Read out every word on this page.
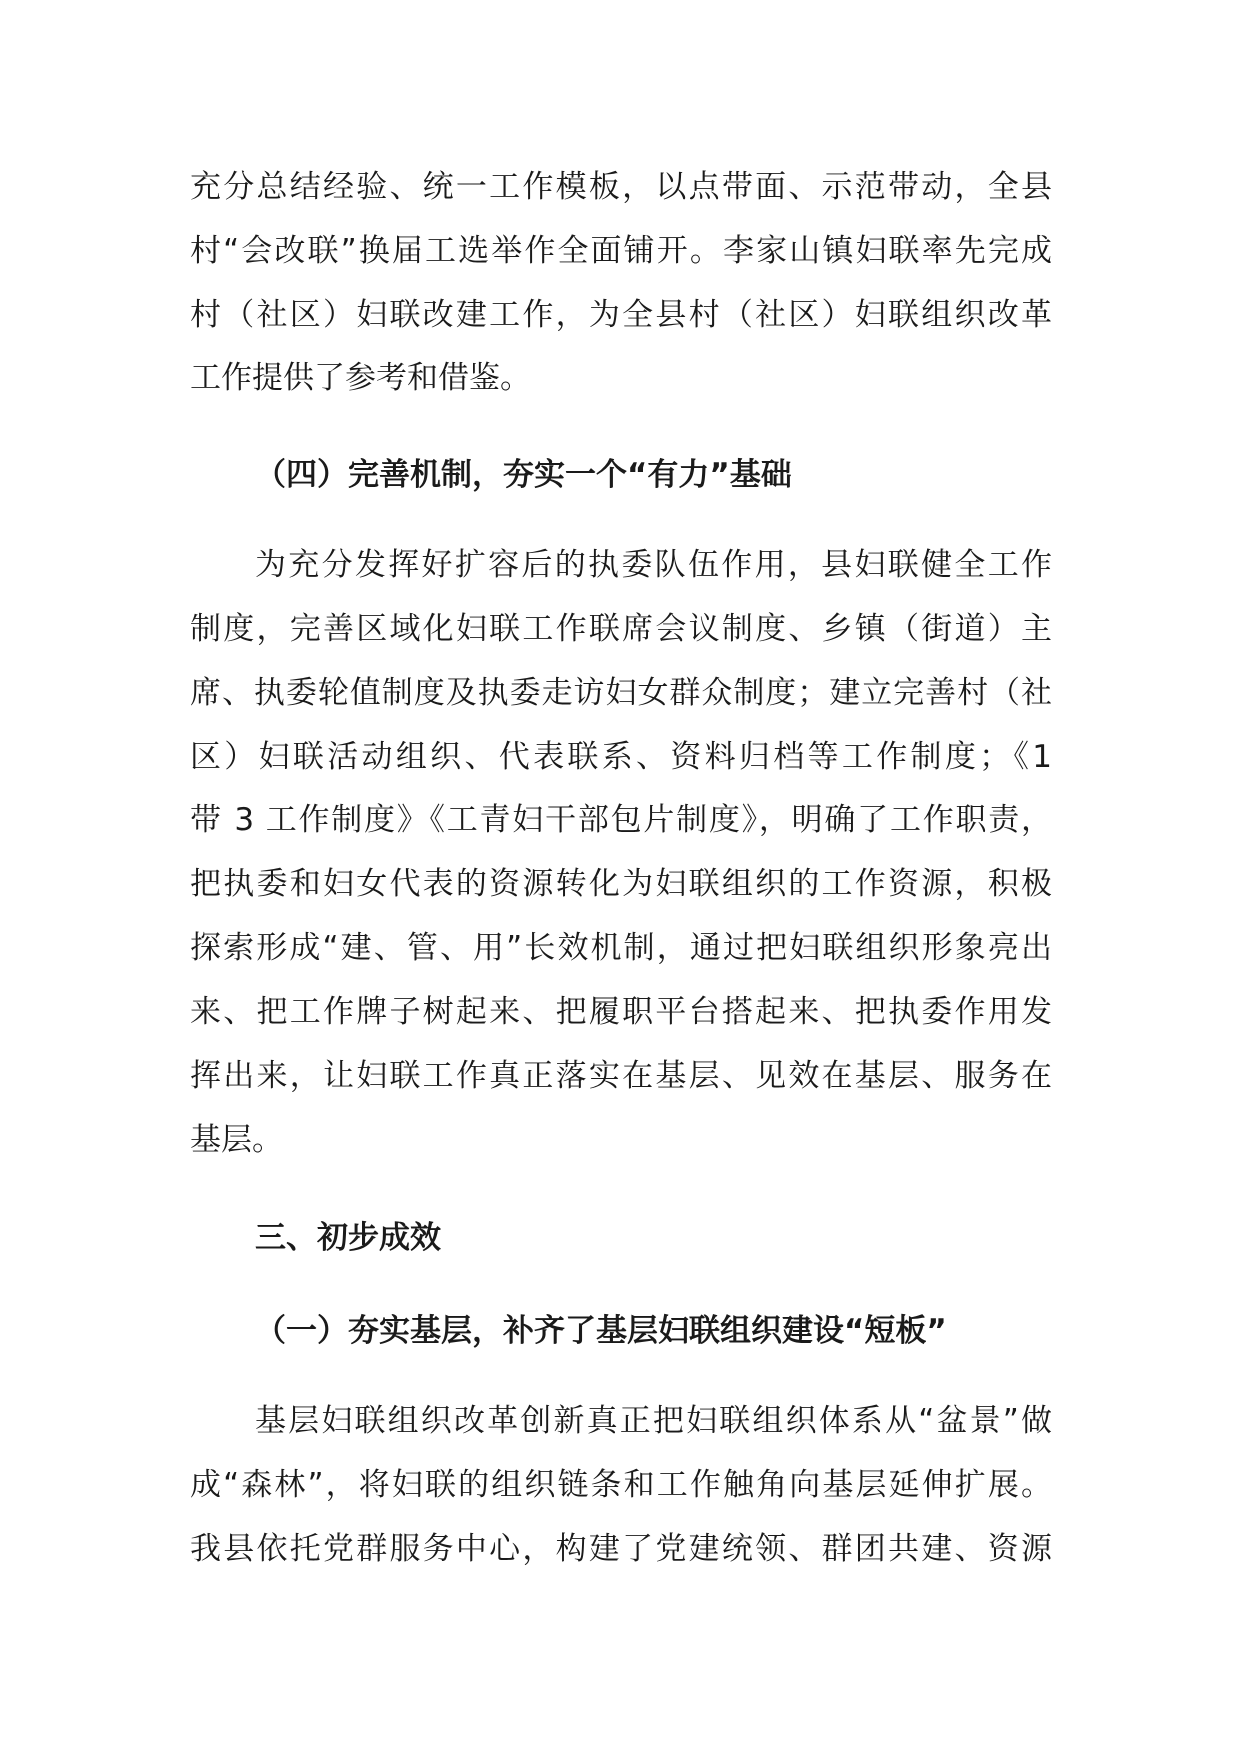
充分总结经验、统一工作模板，以点带面、示范带动，全县
村“会改联”换届工选举作全面铺开。李家山镇妇联率先完成
村（社区）妇联改建工作，为全县村（社区）妇联组织改革
工作提供了参考和借鉴。
（四）完善机制，夯实一个“有力”基础
为充分发挥好扩容后的执委队伍作用，县妇联健全工作
制度，完善区域化妇联工作联席会议制度、乡镇（街道）主
席、执委轮值制度及执委走访妇女群众制度；建立完善村（社
区）妇联活动组织、代表联系、资料归档等工作制度；《1
带 3 工作制度》《工青妇干部包片制度》，明确了工作职责，
把执委和妇女代表的资源转化为妇联组织的工作资源，积极
探索形成“建、管、用”长效机制，通过把妇联组织形象亮出
来、把工作牌子树起来、把履职平台搭起来、把执委作用发
挥出来，让妇联工作真正落实在基层、见效在基层、服务在
基层。
三、初步成效
（一）夯实基层，补齐了基层妇联组织建设“短板”
基层妇联组织改革创新真正把妇联组织体系从“盆景”做
成“森林”，将妇联的组织链条和工作触角向基层延伸扩展。
我县依托党群服务中心，构建了党建统领、群团共建、资源
